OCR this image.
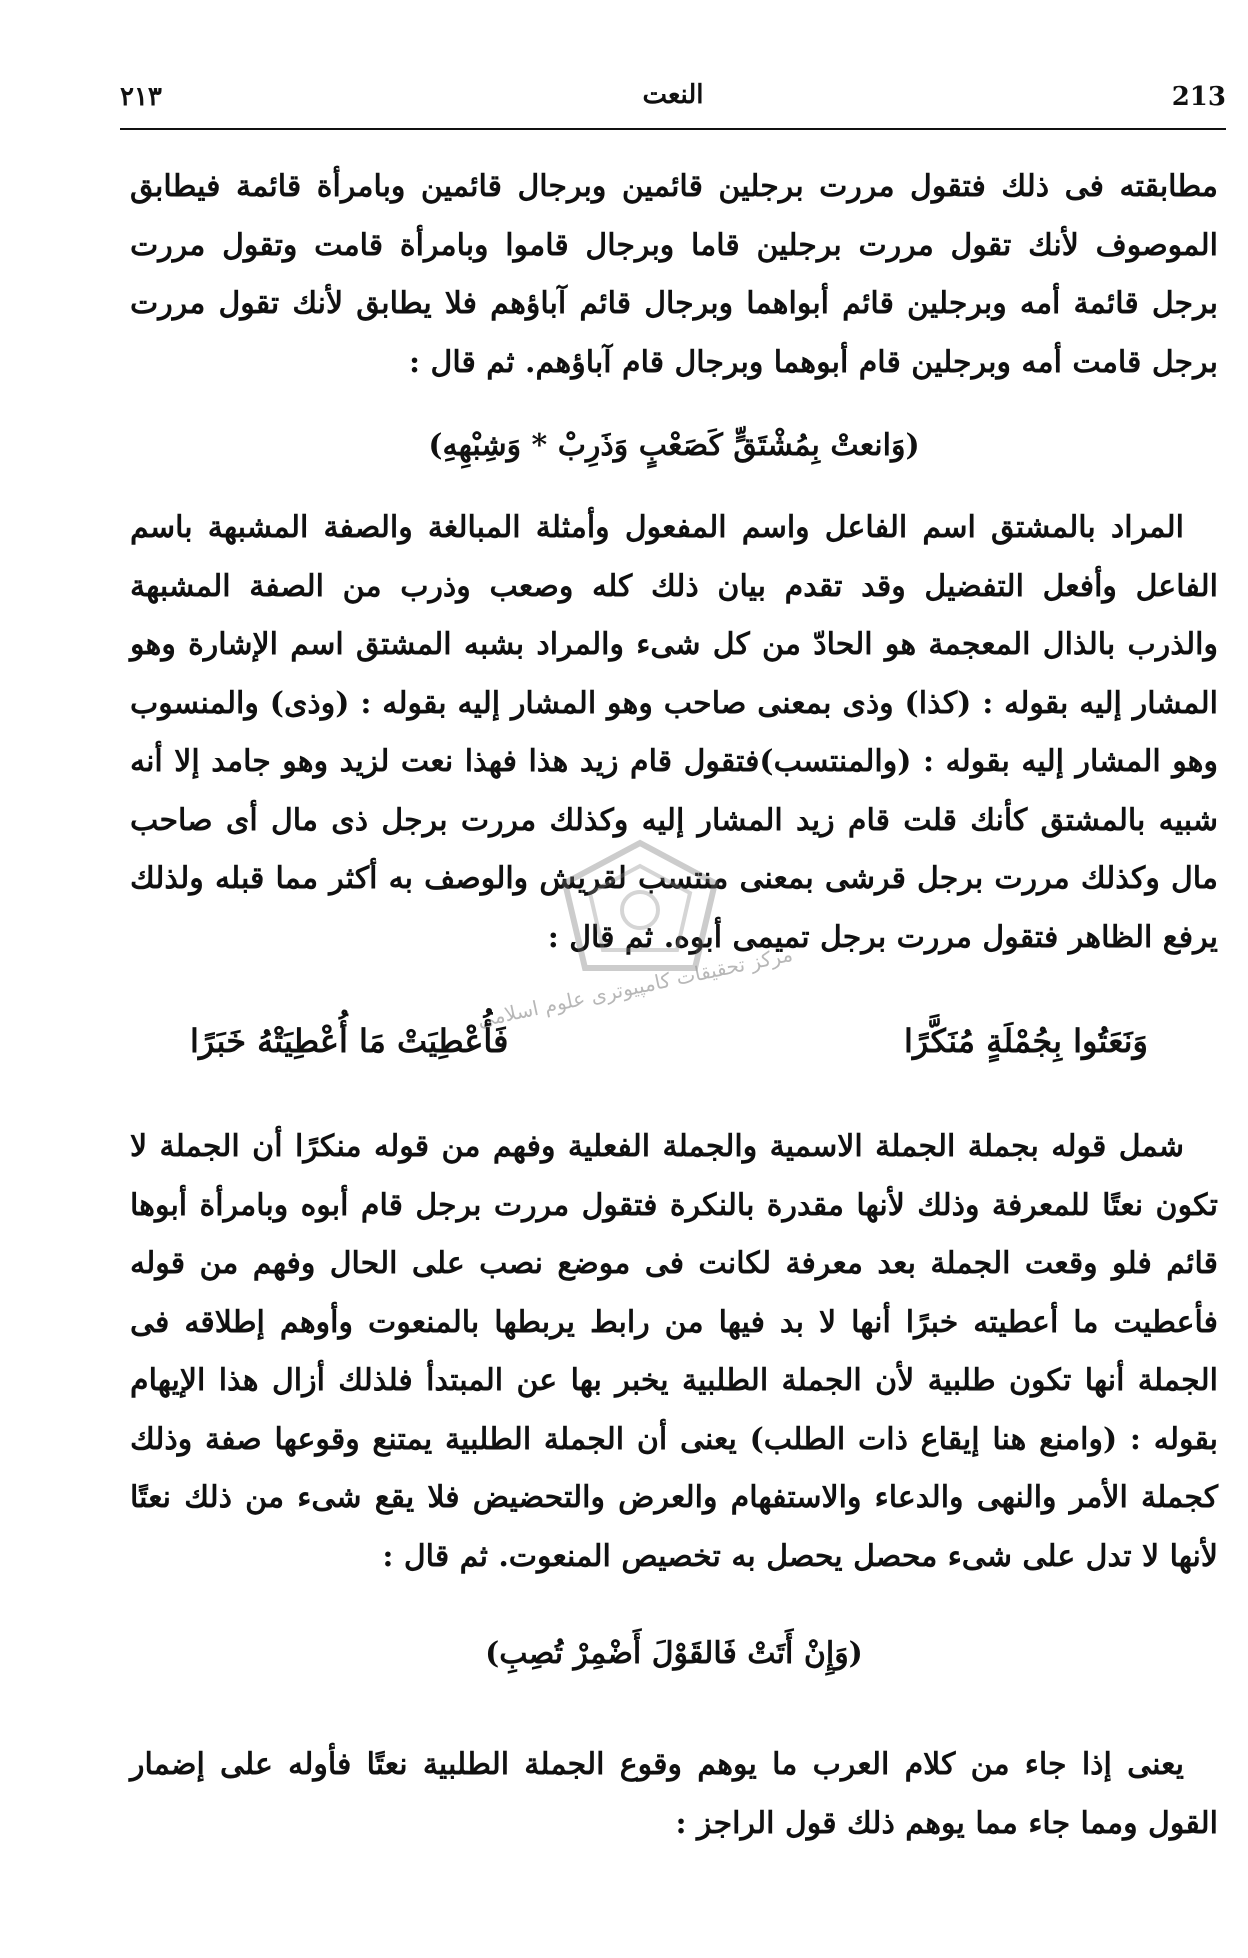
٢١٣	النعت	213
مطابقته فى ذلك فتقول مررت برجلين قائمين وبرجال قائمين وبامرأة قائمة فيطابق الموصوف لأنك تقول مررت برجلين قاما وبرجال قاموا وبامرأة قامت وتقول مررت برجل قائمة أمه وبرجلين قائم أبواهما وبرجال قائم آباؤهم فلا يطابق لأنك تقول مررت برجل قامت أمه وبرجلين قام أبوهما وبرجال قام آباؤهم. ثم قال :
(وَانعتْ بِمُشْتَقٍّ كَصَعْبٍ وَذَرِبْ * وَشِبْهِهِ)
المراد بالمشتق اسم الفاعل واسم المفعول وأمثلة المبالغة والصفة المشبهة باسم الفاعل وأفعل التفضيل وقد تقدم بيان ذلك كله وصعب وذرب من الصفة المشبهة والذرب بالذال المعجمة هو الحادّ من كل شىء والمراد بشبه المشتق اسم الإشارة وهو المشار إليه بقوله : (كذا) وذى بمعنى صاحب وهو المشار إليه بقوله : (وذى) والمنسوب وهو المشار إليه بقوله : (والمنتسب)فتقول قام زيد هذا فهذا نعت لزيد وهو جامد إلا أنه شبيه بالمشتق كأنك قلت قام زيد المشار إليه وكذلك مررت برجل ذى مال أى صاحب مال وكذلك مررت برجل قرشى بمعنى منتسب لقريش والوصف به أكثر مما قبله ولذلك يرفع الظاهر فتقول مررت برجل تميمى أبوه. ثم قال :
مركز تحقيقات كامپيوترى علوم اسلامى
وَنَعَتُوا بِجُمْلَةٍ مُنَكَّرًا
فَأُعْطِيَتْ مَا أُعْطِيَتْهُ خَبَرًا
شمل قوله بجملة الجملة الاسمية والجملة الفعلية وفهم من قوله منكرًا أن الجملة لا تكون نعتًا للمعرفة وذلك لأنها مقدرة بالنكرة فتقول مررت برجل قام أبوه وبامرأة أبوها قائم فلو وقعت الجملة بعد معرفة لكانت فى موضع نصب على الحال وفهم من قوله فأعطيت ما أعطيته خبرًا أنها لا بد فيها من رابط يربطها بالمنعوت وأوهم إطلاقه فى الجملة أنها تكون طلبية لأن الجملة الطلبية يخبر بها عن المبتدأ فلذلك أزال هذا الإيهام بقوله : (وامنع هنا إيقاع ذات الطلب) يعنى أن الجملة الطلبية يمتنع وقوعها صفة وذلك كجملة الأمر والنهى والدعاء والاستفهام والعرض والتحضيض فلا يقع شىء من ذلك نعتًا لأنها لا تدل على شىء محصل يحصل به تخصيص المنعوت. ثم قال :
(وَإِنْ أَتَتْ فَالقَوْلَ أَضْمِرْ تُصِبِ)
يعنى إذا جاء من كلام العرب ما يوهم وقوع الجملة الطلبية نعتًا فأوله على إضمار القول ومما جاء مما يوهم ذلك قول الراجز :
